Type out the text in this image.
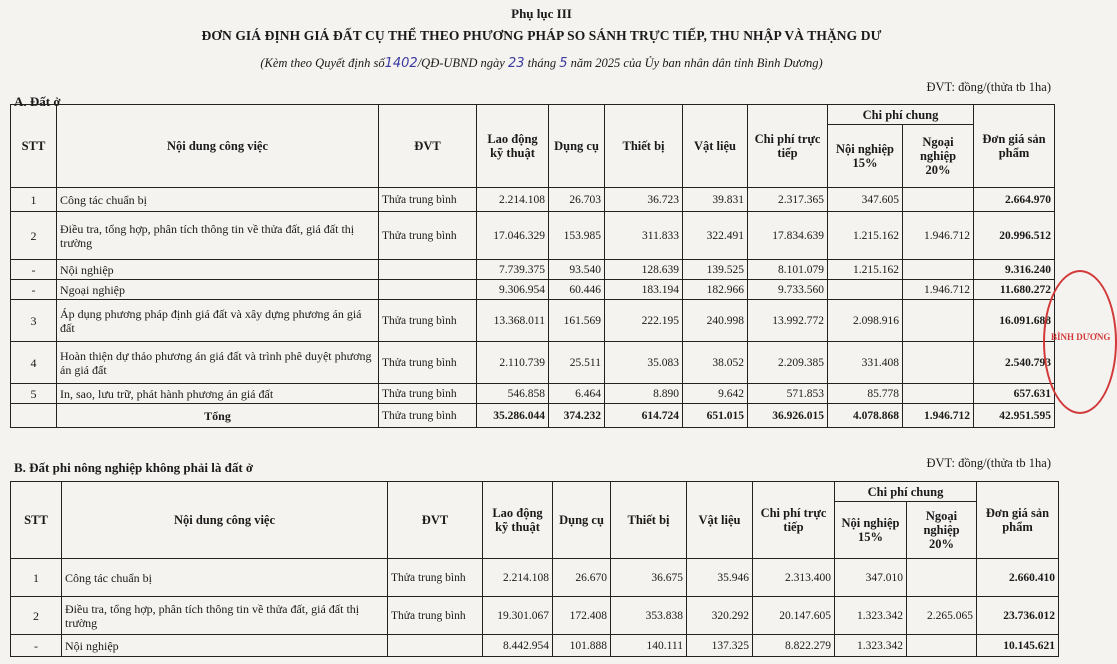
Phụ lục III
ĐƠN GIÁ ĐỊNH GIÁ ĐẤT CỤ THỂ THEO PHƯƠNG PHÁP SO SÁNH TRỰC TIẾP, THU NHẬP VÀ THẶNG DƯ
(Kèm theo Quyết định số1402/QĐ-UBND ngày 23 tháng 5 năm 2025 của Ủy ban nhân dân tỉnh Bình Dương)
ĐVT: đồng/(thửa tb 1ha)
A. Đất ở
STT	Nội dung công việc	ĐVT	Lao động kỹ thuật	Dụng cụ	Thiết bị	Vật liệu	Chi phí trực tiếp	Chi phí chung		Đơn giá sản phẩm
								Nội nghiệp 15%	Ngoại nghiệp 20%	
1	Công tác chuẩn bị	Thửa trung bình	2.214.108	26.703	36.723	39.831	2.317.365	347.605		2.664.970
2	Điều tra, tổng hợp, phân tích thông tin về thửa đất, giá đất thị trường	Thửa trung bình	17.046.329	153.985	311.833	322.491	17.834.639	1.215.162	1.946.712	20.996.512
-	Nội nghiệp		7.739.375	93.540	128.639	139.525	8.101.079	1.215.162		9.316.240
-	Ngoại nghiệp		9.306.954	60.446	183.194	182.966	9.733.560		1.946.712	11.680.272
3	Áp dụng phương pháp định giá đất và xây dựng phương án giá đất	Thửa trung bình	13.368.011	161.569	222.195	240.998	13.992.772	2.098.916		16.091.688
4	Hoàn thiện dự thảo phương án giá đất và trình phê duyệt phương án giá đất	Thửa trung bình	2.110.739	25.511	35.083	38.052	2.209.385	331.408		2.540.793
5	In, sao, lưu trữ, phát hành phương án giá đất	Thửa trung bình	546.858	6.464	8.890	9.642	571.853	85.778		657.631
	Tổng	Thửa trung bình	35.286.044	374.232	614.724	651.015	36.926.015	4.078.868	1.946.712	42.951.595
ĐVT: đồng/(thửa tb 1ha)
B. Đất phi nông nghiệp không phải là đất ở
STT	Nội dung công việc	ĐVT	Lao động kỹ thuật	Dụng cụ	Thiết bị	Vật liệu	Chi phí trực tiếp	Chi phí chung		Đơn giá sản phẩm
								Nội nghiệp 15%	Ngoại nghiệp 20%	
1	Công tác chuẩn bị	Thửa trung bình	2.214.108	26.670	36.675	35.946	2.313.400	347.010		2.660.410
2	Điều tra, tổng hợp, phân tích thông tin về thửa đất, giá đất thị trường	Thửa trung bình	19.301.067	172.408	353.838	320.292	20.147.605	1.323.342	2.265.065	23.736.012
-	Nội nghiệp		8.442.954	101.888	140.111	137.325	8.822.279	1.323.342		10.145.621
BÌNH DƯƠNG
